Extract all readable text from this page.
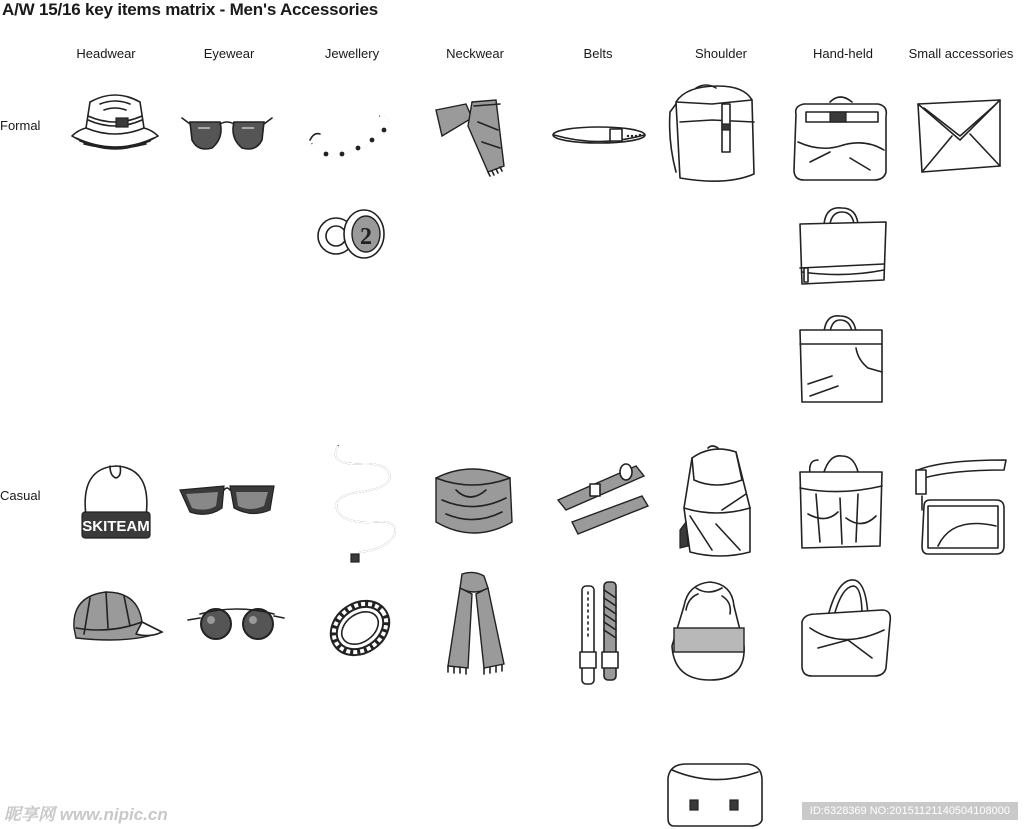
A/W 15/16 key items matrix - Men's Accessories
Headwear	Eyewear	Jewellery	Neckwear	Belts	Shoulder	Hand-held	Small accessories
Formal
Casual
2
SKITEAM
昵享网 www.nipic.cn	ID:6328369 NO:20151121140504108000
